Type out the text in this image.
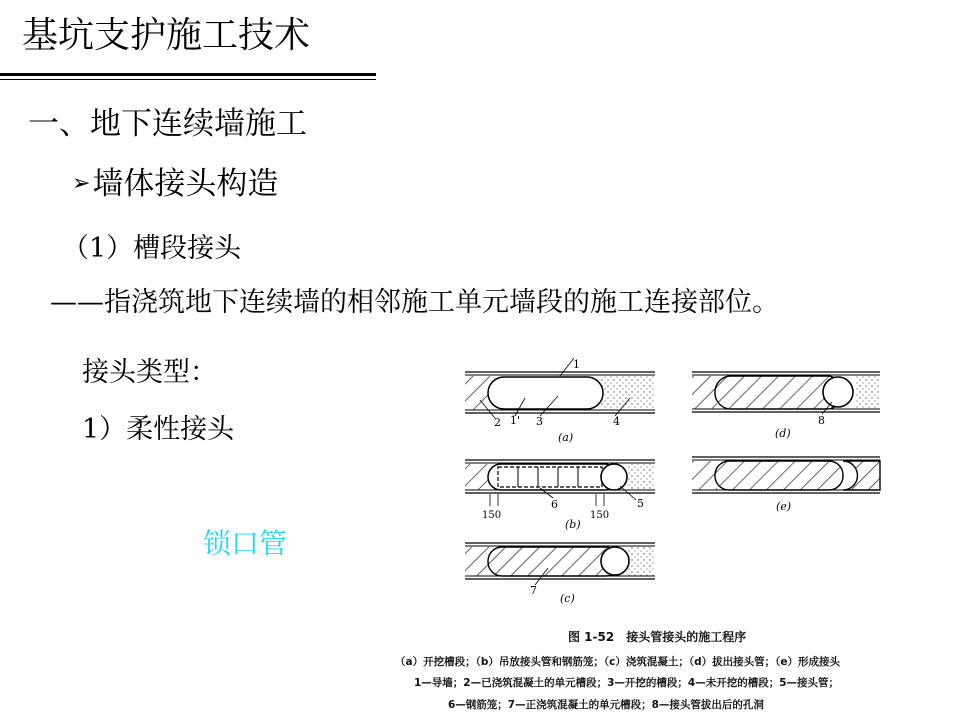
基坑支护施工技术
一、地下连续墙施工
➢墙体接头构造
（1）槽段接头
——指浇筑地下连续墙的相邻施工单元墙段的施工连接部位。
接头类型：
1）柔性接头
锁口管
1
2 1' 3	4
(a)
150	150
6	5
(b)
7
(c)
8
(d)
(e)
图 1-52　接头管接头的施工程序
（a）开挖槽段；（b）吊放接头管和钢筋笼；（c）浇筑混凝土；（d）拔出接头管；（e）形成接头
1—导墙；2—已浇筑混凝土的单元槽段；3—开挖的槽段；4—未开挖的槽段；5—接头管；
6—钢筋笼；7—正浇筑混凝土的单元槽段；8—接头管拔出后的孔洞
